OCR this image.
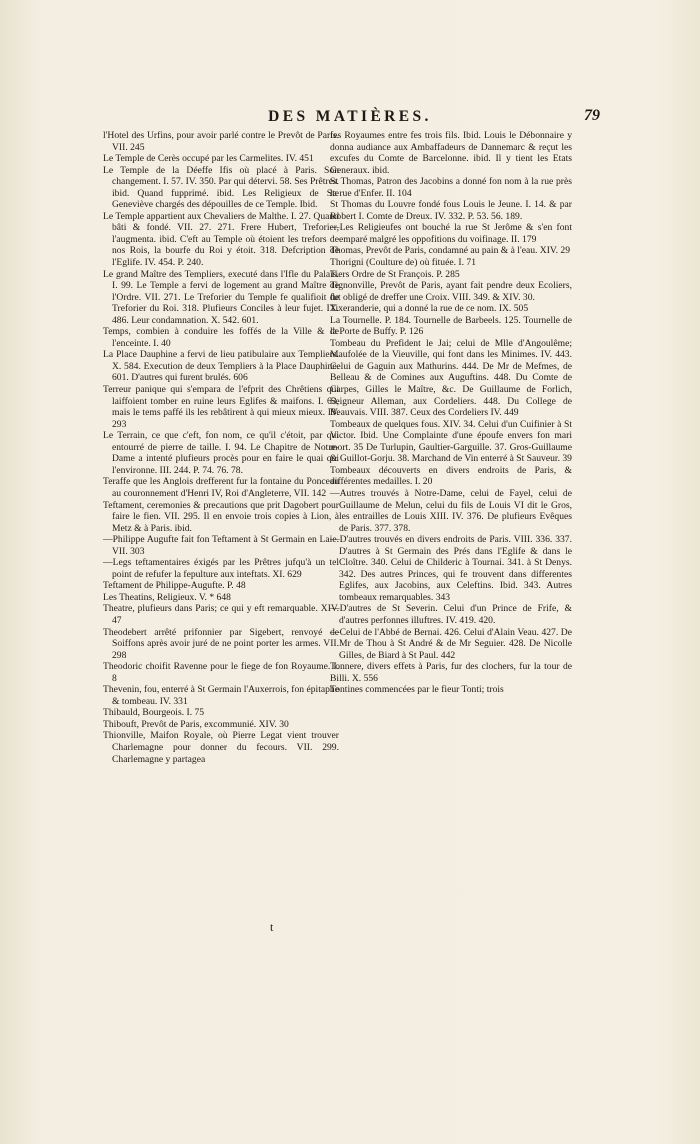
DES MATIÈRES.	79

l'Hotel des Urfins, pour avoir parlé contre le Prevôt de Paris. VII. 245

Le Temple de Cerès occupé par les Carmelites. IV. 451

Le Temple de la Déeffe Ifis où placé à Paris. Son changement. I. 57. IV. 350. Par qui détervi. 58. Ses Prêtres. ibid. Quand fupprimé. ibid. Les Religieux de Ste Geneviève chargés des dépouilles de ce Temple. Ibid.

Le Temple appartient aux Chevaliers de Malthe. I. 27. Quand bâti & fondé. VII. 27. 271. Frere Hubert, Treforier, l'augmenta. ibid. C'eft au Temple où étoient les trefors de nos Rois, la bourfe du Roi y étoit. 318. Defcription de l'Eglife. IV. 454. P. 240.

Le grand Maître des Templiers, executé dans l'Ifle du Palais. I. 99. Le Temple a fervi de logement au grand Maître de l'Ordre. VII. 271. Le Treforier du Temple fe qualifioit de Treforier du Roi. 318. Plufieurs Conciles à leur fujet. IX. 486. Leur condamnation. X. 542. 601.

Temps, combien à conduire les foffés de la Ville & de l'enceinte. I. 40

La Place Dauphine a fervi de lieu patibulaire aux Templiers. X. 584. Execution de deux Templiers à la Place Dauphine. 601. D'autres qui furent brulés. 606

Terreur panique qui s'empara de l'efprit des Chrêtiens qui laiffoient tomber en ruine leurs Eglifes & maifons. I. 63, mais le tems paffé ils les rebâtirent à qui mieux mieux. IV. 293

Le Terrain, ce que c'eft, fon nom, ce qu'il c'étoit, par qui entourré de pierre de taille. I. 94. Le Chapitre de Notre-Dame a intenté plufieurs procès pour en faire le quai qui l'environne. III. 244. P. 74. 76. 78.

Teraffe que les Anglois drefferent fur la fontaine du Ponceau au couronnement d'Henri IV, Roi d'Angleterre, VII. 142

Teftament, ceremonies & precautions que prit Dagobert pour faire le fien. VII. 295. Il en envoie trois copies à Lion, à Metz & à Paris. ibid.

—Philippe Augufte fait fon Teftament à St Germain en Laie. VII. 303

—Legs teftamentaires éxigés par les Prêtres jufqu'à un tel point de refufer la fepulture aux inteftats. XI. 629

Teftament de Philippe-Augufte. P. 48

Les Theatins, Religieux. V. * 648

Theatre, plufieurs dans Paris; ce qui y eft remarquable. XIV. 47

Theodebert arrêté prifonnier par Sigebert, renvoyé de Soiffons après avoir juré de ne point porter les armes. VII. 298

Theodoric choifit Ravenne pour le fiege de fon Royaume. I. 8

Thevenin, fou, enterré à St Germain l'Auxerrois, fon épitaphe & tombeau. IV. 331

Thibauld, Bourgeois. I. 75

Thibouft, Prevôt de Paris, excommunié. XIV. 30

Thionville, Maifon Royale, où Pierre Legat vient trouver Charlemagne pour donner du fecours. VII. 299. Charlemagne y partagea

fes Royaumes entre fes trois fils. Ibid. Louis le Débonnaire y donna audiance aux Ambaffadeurs de Dannemarc & reçut les excufes du Comte de Barcelonne. ibid. Il y tient les Etats Generaux. ibid.

St Thomas, Patron des Jacobins a donné fon nom à la rue près la rue d'Enfer. II. 104

St Thomas du Louvre fondé fous Louis le Jeune. I. 14. & par Robert I. Comte de Dreux. IV. 332. P. 53. 56. 189.

—Les Religieufes ont bouché la rue St Jerôme & s'en font emparé malgré les oppofitions du voifinage. II. 179

Thomas, Prevôt de Paris, condamné au pain & à l'eau. XIV. 29

Thorigni (Coulture de) où fituée. I. 71

Tiers Ordre de St François. P. 285

Tignonville, Prevôt de Paris, ayant fait pendre deux Ecoliers, fut obligé de dreffer une Croix. VIII. 349. & XIV. 30.

Tixeranderie, qui a donné la rue de ce nom. IX. 505

La Tournelle. P. 184. Tournelle de Barbeels. 125. Tournelle de la Porte de Buffy. P. 126

Tombeau du Prefident le Jai; celui de Mlle d'Angoulême; Maufolée de la Vieuville, qui font dans les Minimes. IV. 443. Celui de Gaguin aux Mathurins. 444. De Mr de Mefmes, de Belleau & de Comines aux Auguftins. 448. Du Comte de Carpes, Gilles le Maître, &c. De Guillaume de Forlich, Seigneur Alleman, aux Cordeliers. 448. Du College de Beauvais. VIII. 387. Ceux des Cordeliers IV. 449

Tombeaux de quelques fous. XIV. 34. Celui d'un Cuifinier à St Victor. Ibid. Une Complainte d'une époufe envers fon mari mort. 35 De Turlupin, Gaultier-Garguille. 37. Gros-Guillaume & Guillot-Gorju. 38. Marchand de Vin enterré à St Sauveur. 39

Tombeaux découverts en divers endroits de Paris, & différentes medailles. I. 20

—Autres trouvés à Notre-Dame, celui de Fayel, celui de Guillaume de Melun, celui du fils de Louis VI dit le Gros, les entrailles de Louis XIII. IV. 376. De plufieurs Evêques de Paris. 377. 378.

—D'autres trouvés en divers endroits de Paris. VIII. 336. 337. D'autres à St Germain des Prés dans l'Eglife & dans le Cloître. 340. Celui de Childeric à Tournai. 341. à St Denys. 342. Des autres Princes, qui fe trouvent dans differentes Eglifes, aux Jacobins, aux Celeftins. Ibid. 343. Autres tombeaux remarquables. 343

—D'autres de St Severin. Celui d'un Prince de Frife, & d'autres perfonnes illuftres. IV. 419. 420.

—Celui de l'Abbé de Bernai. 426. Celui d'Alain Veau. 427. De Mr de Thou à St André & de Mr Seguier. 428. De Nicolle Gilles, de Biard à St Paul. 442

Tonnere, divers effets à Paris, fur des clochers, fur la tour de Billi. X. 556

Tontines commencées par le fieur Tonti; trois

t
